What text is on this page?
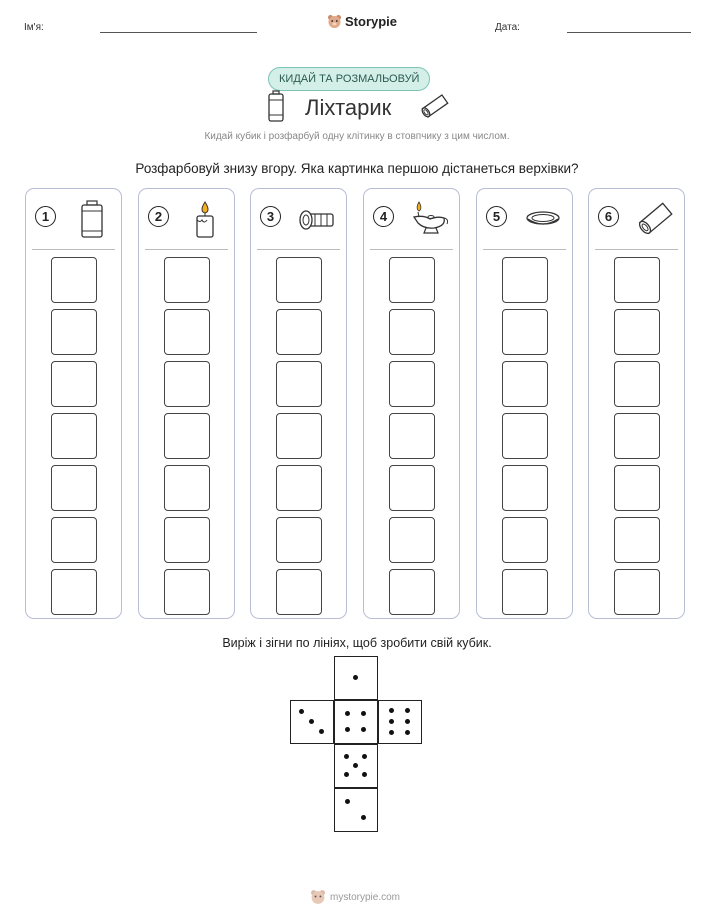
Ім'я:	Storypie	Дата:
КИДАЙ ТА РОЗМАЛЬОВУЙ
Ліхтарик
Кидай кубик і розфарбуй одну клітинку в стовпчику з цим числом.
Розфарбовуй знизу вгору. Яка картинка першою дістанеться верхівки?
1	2	3	4	5	6
Виріж і зігни по лініях, щоб зробити свій кубик.
mystorypie.com
